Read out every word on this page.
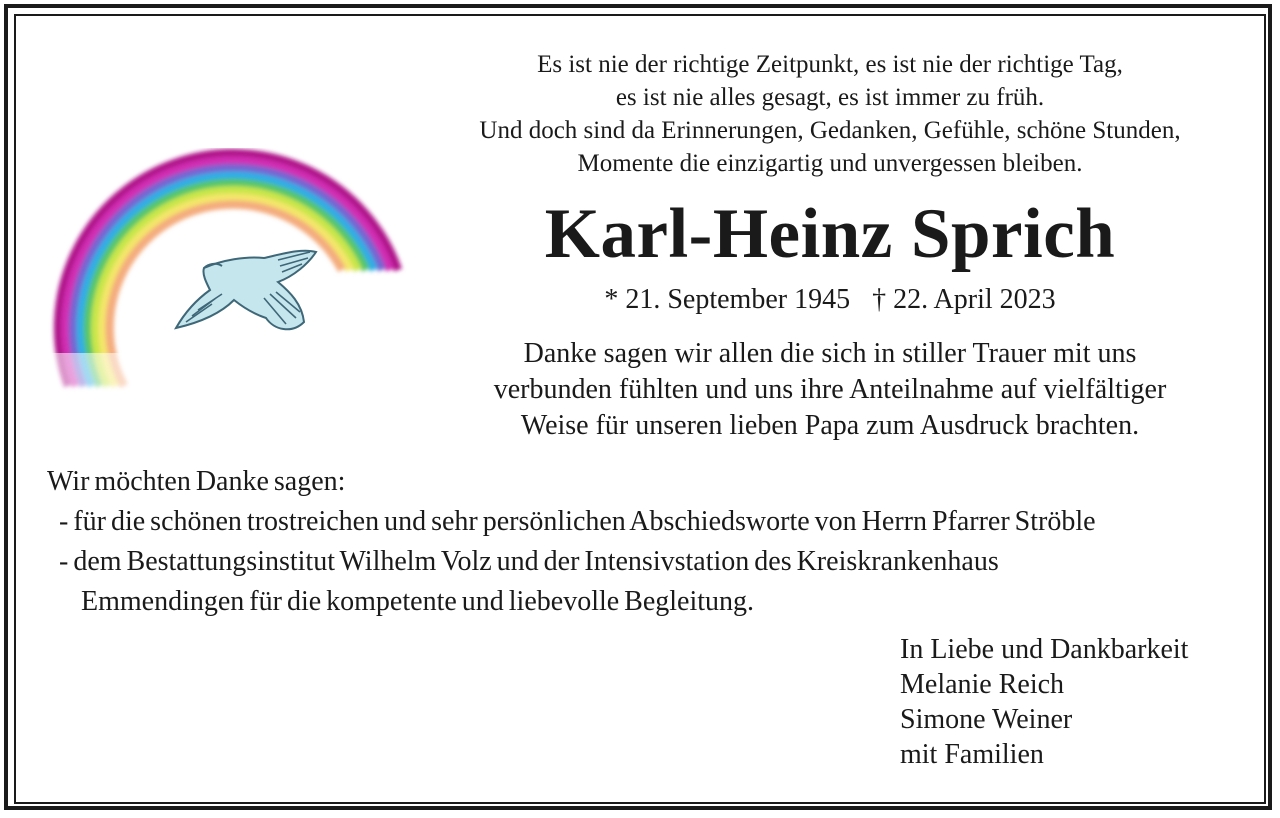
Es ist nie der richtige Zeitpunkt, es ist nie der richtige Tag,
es ist nie alles gesagt, es ist immer zu früh.
Und doch sind da Erinnerungen, Gedanken, Gefühle, schöne Stunden,
Momente die einzigartig und unvergessen bleiben.
Karl-Heinz Sprich
* 21. September 1945 † 22. April 2023
Danke sagen wir allen die sich in stiller Trauer mit uns
verbunden fühlten und uns ihre Anteilnahme auf vielfältiger
Weise für unseren lieben Papa zum Ausdruck brachten.
Wir möchten Danke sagen:
- für die schönen trostreichen und sehr persönlichen Abschiedsworte von Herrn Pfarrer Ströble
- dem Bestattungsinstitut Wilhelm Volz und der Intensivstation des Kreiskrankenhaus
Emmendingen für die kompetente und liebevolle Begleitung.
In Liebe und Dankbarkeit
Melanie Reich
Simone Weiner
mit Familien
